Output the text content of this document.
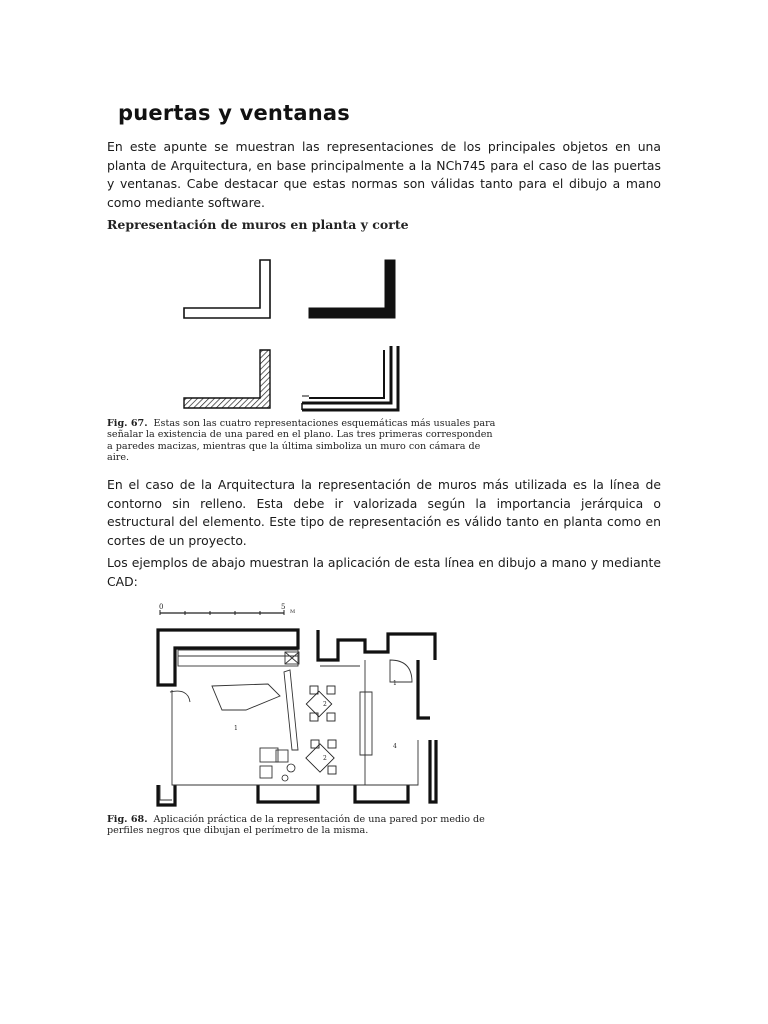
puertas y ventanas
En este apunte se muestran las representaciones de los principales objetos en una planta de Arquitectura, en base principalmente a la NCh745 para el caso de las puertas y ventanas. Cabe destacar que estas normas son válidas tanto para el dibujo a mano como mediante software.
Representación de muros en planta y corte
Fig. 67. Estas son las cuatro representaciones esquemáticas más usuales para señalar la existencia de una pared en el plano. Las tres primeras corresponden a paredes macizas, mientras que la última simboliza un muro con cámara de aire.
En el caso de la Arquitectura la representación de muros más utilizada es la línea de contorno sin relleno. Esta debe ir valorizada según la importancia jerárquica o estructural del elemento. Este tipo de representación es válido tanto en planta como en cortes de un proyecto.
Los ejemplos de abajo muestran la aplicación de esta línea en dibujo a mano y mediante CAD:
0	5
M
1
2
2
1
4
Fig. 68. Aplicación práctica de la representación de una pared por medio de perfiles negros que dibujan el perímetro de la misma.
